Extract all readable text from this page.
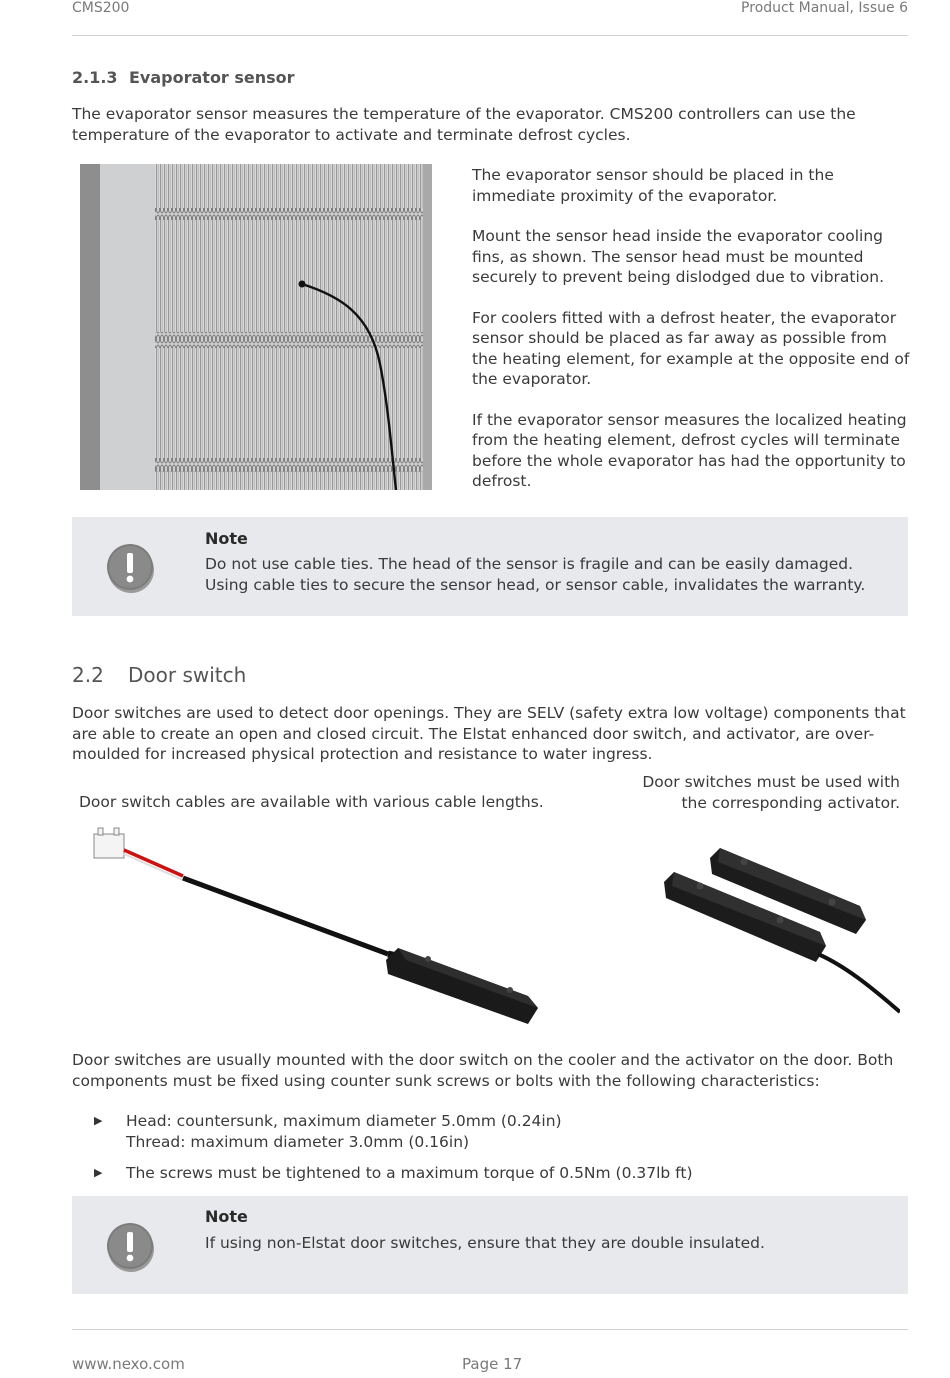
CMS200	Product Manual, Issue 6
2.1.3 Evaporator sensor
The evaporator sensor measures the temperature of the evaporator. CMS200 controllers can use the temperature of the evaporator to activate and terminate defrost cycles.
The evaporator sensor should be placed in the immediate proximity of the evaporator.
Mount the sensor head inside the evaporator cooling fins, as shown. The sensor head must be mounted securely to prevent being dislodged due to vibration.
For coolers fitted with a defrost heater, the evaporator sensor should be placed as far away as possible from the heating element, for example at the opposite end of the evaporator.
If the evaporator sensor measures the localized heating from the heating element, defrost cycles will terminate before the whole evaporator has had the opportunity to defrost.
Note
Do not use cable ties. The head of the sensor is fragile and can be easily damaged. Using cable ties to secure the sensor head, or sensor cable, invalidates the warranty.
2.2 Door switch
Door switches are used to detect door openings. They are SELV (safety extra low voltage) components that are able to create an open and closed circuit. The Elstat enhanced door switch, and activator, are over-moulded for increased physical protection and resistance to water ingress.
Door switch cables are available with various cable lengths.
Door switches must be used with the corresponding activator.
Door switches are usually mounted with the door switch on the cooler and the activator on the door. Both components must be fixed using counter sunk screws or bolts with the following characteristics:
▶ Head: countersunk, maximum diameter 5.0mm (0.24in)
Thread: maximum diameter 3.0mm (0.16in)
▶ The screws must be tightened to a maximum torque of 0.5Nm (0.37lb ft)
Note
If using non-Elstat door switches, ensure that they are double insulated.
www.nexo.com	Page 17
